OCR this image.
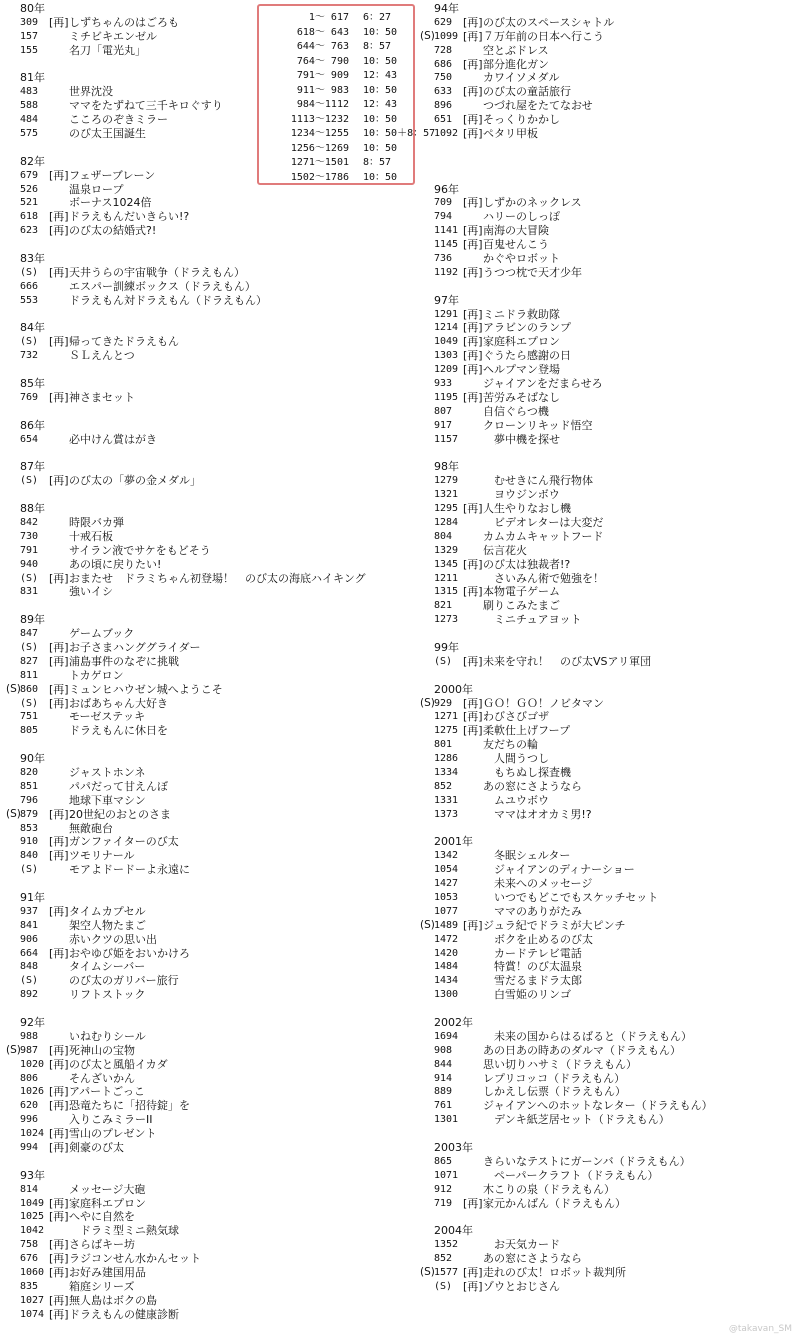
80年
309 [再] しずちゃんのはごろも
157	ミチビキエンゼル
155	名刀「電光丸」
81年
483	世界沈没
588	ママをたずねて三千キロぐすり
484	こころのぞきミラー
575	のび太王国誕生
82年
679 [再] フェザーブレーン
526	温泉ロープ
521	ボーナス1024倍
618 [再] ドラえもんだいきらい!?
623 [再] のび太の結婚式?!
83年
(S) [再] 天井うらの宇宙戦争（ドラえもん）
666	エスパー訓練ボックス（ドラえもん）
553	ドラえもん対ドラえもん（ドラえもん）
84年
(S) [再] 帰ってきたドラえもん
732	ＳＬえんとつ
85年
769 [再] 神さまセット
86年
654	必中けん賞はがき
87年
(S) [再] のび太の「夢の金メダル」
88年
842	時限バカ弾
730	十戒石板
791	サイラン液でサケをもどそう
940	あの頃に戻りたい!
(S) [再] おまたせ　ドラミちゃん初登場！　のび太の海底ハイキング
831	強いイシ
89年
847	ゲームブック
(S) [再] お子さまハンググライダー
827 [再] 浦島事件のなぞに挑戦
811	トカゲロン
(S) 860 [再] ミュンヒハウゼン城へようこそ
(S) [再] おばあちゃん大好き
751	モーゼステッキ
805	ドラえもんに休日を
90年
820	ジャストホンネ
851	パパだって甘えんぼ
796	地球下車マシン
(S) 879 [再] 20世紀のおとのさま
853	無敵砲台
910 [再] ガンファイターのび太
840 [再] ツモリナール
(S)	モアよドードーよ永遠に
91年
937 [再] タイムカプセル
841	架空人物たまご
906	赤いクツの思い出
664 [再] おやゆび姫をおいかけろ
848	タイムシーバー
(S)	のび太のガリバー旅行
892	リフトストック
92年
988	いねむりシール
(S) 987 [再] 死神山の宝物
1020 [再] のび太と風船イカダ
806	そんざいかん
1026 [再] アパートごっこ
620 [再] 恐竜たちに「招待錠」を
996	入りこみミラーII
1024 [再] 雪山のプレゼント
994 [再] 剣豪のび太
93年
814	メッセージ大砲
1049 [再] 家庭科エプロン
1025 [再] へやに自然を
1042 　ドラミ型ミニ熱気球
758 [再] さらばキー坊
676 [再] ラジコンせん水かんセット
1060 [再] お好み建国用品
835	箱庭シリーズ
1027 [再] 無人島はボクの島
1074 [再] ドラえもんの健康診断
94年
629 [再] のび太のスペースシャトル
(S) 1099 [再] ７万年前の日本へ行こう
728	空とぶドレス
686 [再] 部分進化ガン
750	カワイソメダル
633 [再] のび太の童話旅行
896	つづれ屋をたてなおせ
651 [再] そっくりかかし
1092 [再] ペタリ甲板
96年
709 [再] しずかのネックレス
794	ハリーのしっぽ
1141 [再] 南海の大冒険
1145 [再] 百鬼せんこう
736	かぐやロボット
1192 [再] うつつ枕で天才少年
97年
1291 [再] ミニドラ救助隊
1214 [再] アラビンのランプ
1049 [再] 家庭科エプロン
1303 [再] ぐうたら感謝の日
1209 [再] ヘルプマン登場
933	ジャイアンをだまらせろ
1195 [再] 苦労みそばなし
807	自信ぐらつ機
917	クローンリキッド悟空
1157 　夢中機を探せ
98年
1279 　むせきにん飛行物体
1321 　ヨウジンボウ
1295 [再] 人生やりなおし機
1284 　ビデオレターは大変だ
804	カムカムキャットフード
1329 伝言花火
1345 [再] のび太は独裁者!?
1211 　さいみん術で勉強を！
1315 [再] 本物電子ゲーム
821	刷りこみたまご
1273 　ミニチュアヨット
99年
(S) [再] 未来を守れ！　のび太VSアリ軍団
2000年
(S) 929 [再] ＧＯ！ＧＯ！ノビタマン
1271 [再] わびさびゴザ
1275 [再] 柔軟仕上げフープ
801	友だちの輪
1286 　人間うつし
1334 　もちぬし探査機
852	あの窓にさようなら
1331 　ムユウボウ
1373 　ママはオオカミ男!?
2001年
1342 　冬眠シェルター
1054 　ジャイアンのディナーショー
1427 　未来へのメッセージ
1053 　いつでもどこでもスケッチセット
1077 　ママのありがたみ
(S) 1489 [再] ジュラ紀でドラミが大ピンチ
1472 　ボクを止めるのび太
1420 　カードテレビ電話
1484 　特賞！のび太温泉
1434 　雪だるまドラ太郎
1300 　白雪姫のリンゴ
2002年
1694 　未来の国からはるばると（ドラえもん）
908	あの日あの時あのダルマ（ドラえもん）
844	思い切りハサミ（ドラえもん）
914	レプリコッコ（ドラえもん）
889	しかえし伝票（ドラえもん）
761	ジャイアンへのホットなレター（ドラえもん）
1301 　デンキ紙芝居セット（ドラえもん）
2003年
865	きらいなテストにガーンバ（ドラえもん）
1071 　ペーパークラフト（ドラえもん）
912	木こりの泉（ドラえもん）
719 [再] 家元かんばん（ドラえもん）
2004年
1352 　お天気カード
852	あの窓にさようなら
(S) 1577 [再] 走れのび太！ロボット裁判所
(S) [再] ゾウとおじさん
1〜 617 6：27
618〜 643 10：50
644〜 763 8：57
764〜 790 10：50
791〜 909 12：43
911〜 983 10：50
984〜1112 12：43
1113〜1232 10：50
1234〜1255 10：50＋8：57
1256〜1269 10：50
1271〜1501 8：57
1502〜1786 10：50
@takavan_SM
